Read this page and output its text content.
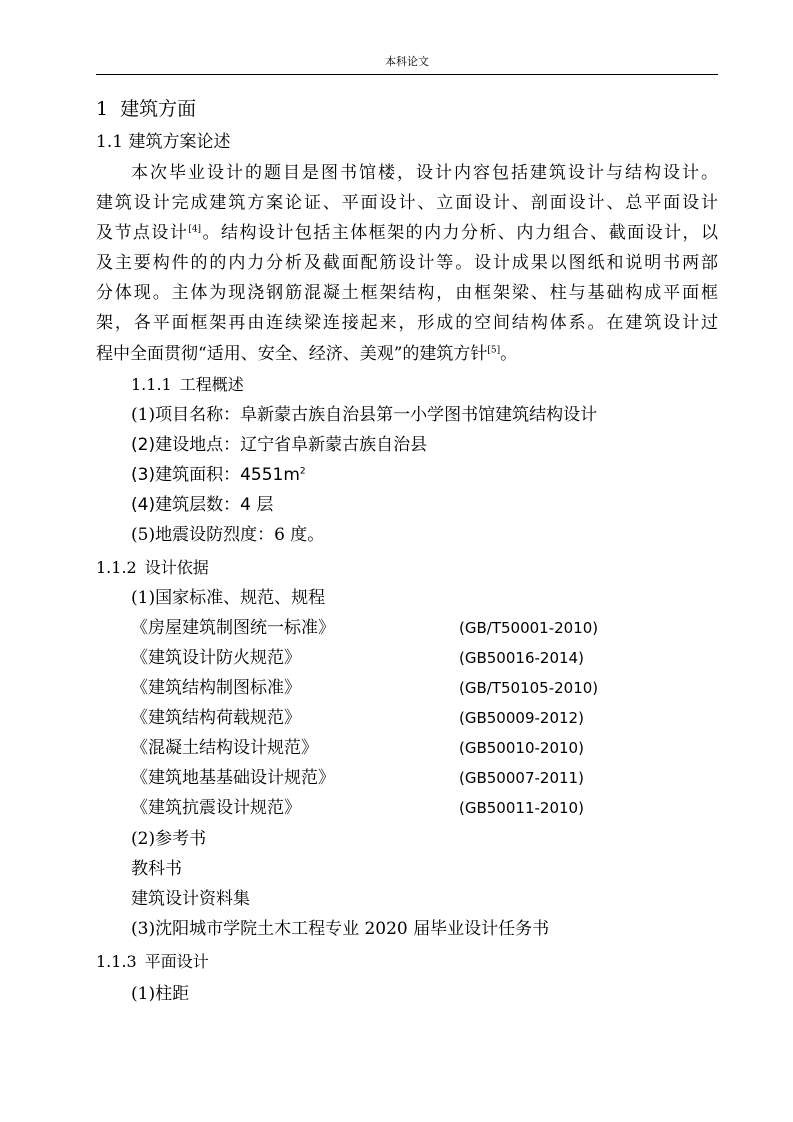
本科论文
1 建筑方面
1.1 建筑方案论述
本次毕业设计的题目是图书馆楼，设计内容包括建筑设计与结构设计。
建筑设计完成建筑方案论证、平面设计、立面设计、剖面设计、总平面设计
及节点设计[4]。结构设计包括主体框架的内力分析、内力组合、截面设计，以
及主要构件的的内力分析及截面配筋设计等。设计成果以图纸和说明书两部
分体现。主体为现浇钢筋混凝土框架结构，由框架梁、柱与基础构成平面框
架，各平面框架再由连续梁连接起来，形成的空间结构体系。在建筑设计过
程中全面贯彻“适用、安全、经济、美观”的建筑方针[5]。
1.1.1 工程概述
(1)项目名称：阜新蒙古族自治县第一小学图书馆建筑结构设计
(2)建设地点：辽宁省阜新蒙古族自治县
(3)建筑面积：$4551m^2$
(4)建筑层数：4 层
(5)地震设防烈度：6 度。
1.1.2 设计依据
(1)国家标准、规范、规程
《房屋建筑制图统一标准》	(GB/T50001-2010)
《建筑设计防火规范》	(GB50016-2014)
《建筑结构制图标准》	(GB/T50105-2010)
《建筑结构荷载规范》	(GB50009-2012)
《混凝土结构设计规范》	(GB50010-2010)
《建筑地基基础设计规范》	(GB50007-2011)
《建筑抗震设计规范》	(GB50011-2010)
(2)参考书
教科书
建筑设计资料集
(3)沈阳城市学院土木工程专业 2020 届毕业设计任务书
1.1.3 平面设计
(1)柱距
